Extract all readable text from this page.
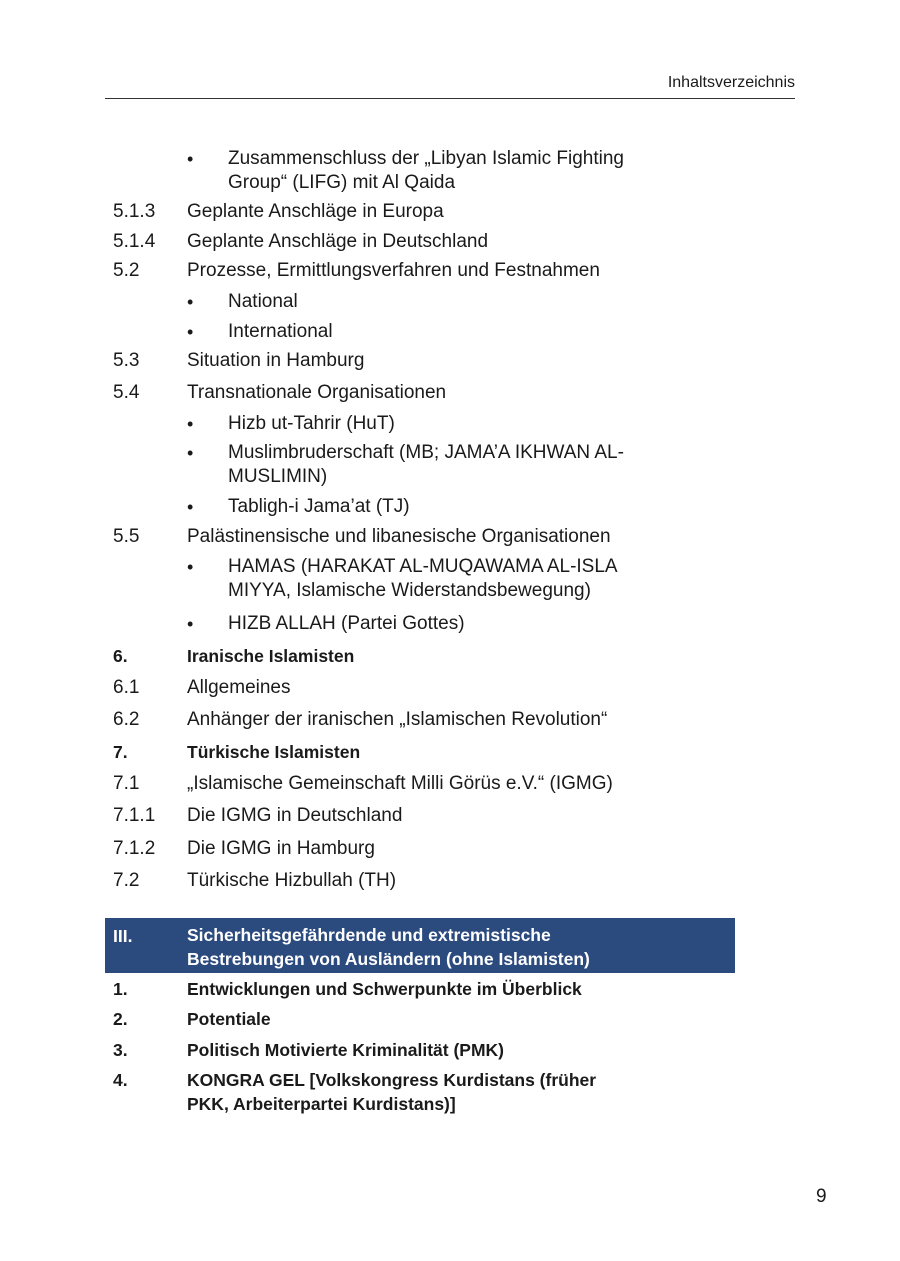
Inhaltsverzeichnis
• Zusammenschluss der „Libyan Islamic Fighting Group“ (LIFG) mit Al Qaida
5.1.3 Geplante Anschläge in Europa
5.1.4 Geplante Anschläge in Deutschland
5.2	Prozesse, Ermittlungsverfahren und Festnahmen
• National
• International
5.3	Situation in Hamburg
5.4	Transnationale Organisationen
• Hizb ut-Tahrir (HuT)
• Muslimbruderschaft (MB; JAMA’A IKHWAN AL-MUSLIMIN)
• Tabligh-i Jama’at (TJ)
5.5	Palästinensische und libanesische Organisationen
• HAMAS (HARAKAT AL-MUQAWAMA AL-ISLA MIYYA, Islamische Widerstandsbewegung)
• HIZB ALLAH (Partei Gottes)
6.	Iranische Islamisten
6.1	Allgemeines
6.2	Anhänger der iranischen „Islamischen Revolution“
7.	Türkische Islamisten
7.1	„Islamische Gemeinschaft Milli Görüs e.V.“ (IGMG)
7.1.1 Die IGMG in Deutschland
7.1.2 Die IGMG in Hamburg
7.2	Türkische Hizbullah (TH)
III.	Sicherheitsgefährdende und extremistische
Bestrebungen von Ausländern (ohne Islamisten)
1.	Entwicklungen und Schwerpunkte im Überblick
2.	Potentiale
3.	Politisch Motivierte Kriminalität (PMK)
4.	KONGRA GEL [Volkskongress Kurdistans (früher PKK, Arbeiterpartei Kurdistans)]
9
